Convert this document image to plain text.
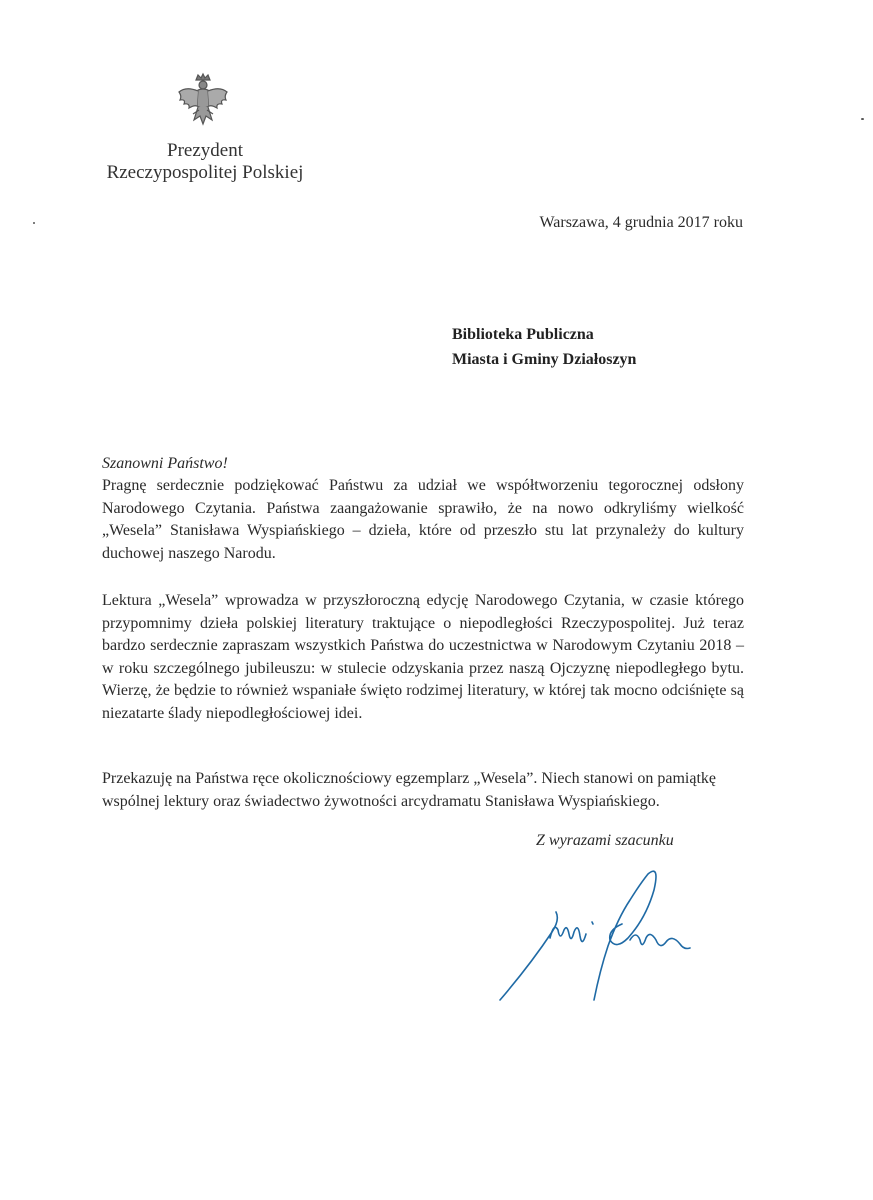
Prezydent
Rzeczypospolitej Polskiej
Warszawa, 4 grudnia 2017 roku
Biblioteka Publiczna
Miasta i Gminy Działoszyn
Szanowni Państwo!
Pragnę serdecznie podziękować Państwu za udział we współtworzeniu tegorocznej odsłony Narodowego Czytania. Państwa zaangażowanie sprawiło, że na nowo odkryliśmy wielkość „Wesela” Stanisława Wyspiańskiego – dzieła, które od przeszło stu lat przynależy do kultury duchowej naszego Narodu.
Lektura „Wesela” wprowadza w przyszłoroczną edycję Narodowego Czytania, w czasie którego przypomnimy dzieła polskiej literatury traktujące o niepodległości Rzeczypospolitej. Już teraz bardzo serdecznie zapraszam wszystkich Państwa do uczestnictwa w Narodowym Czytaniu 2018 – w roku szczególnego jubileuszu: w stulecie odzyskania przez naszą Ojczyznę niepodległego bytu. Wierzę, że będzie to również wspaniałe święto rodzimej literatury, w której tak mocno odciśnięte są niezatarte ślady niepodległościowej idei.
Przekazuję na Państwa ręce okolicznościowy egzemplarz „Wesela”. Niech stanowi on pamiątkę wspólnej lektury oraz świadectwo żywotności arcydramatu Stanisława Wyspiańskiego.
Z wyrazami szacunku
